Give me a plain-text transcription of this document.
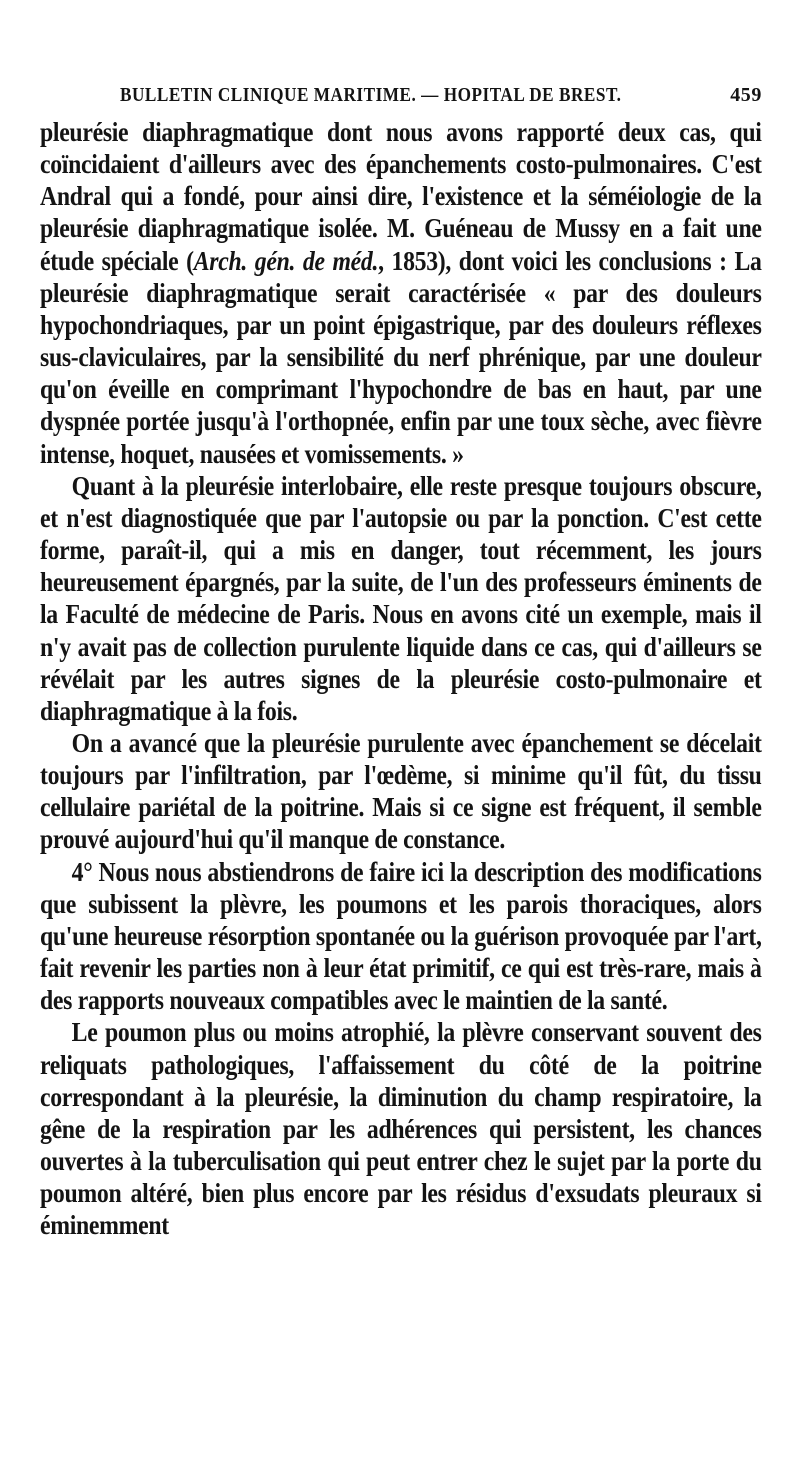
BULLETIN CLINIQUE MARITIME. — HOPITAL DE BREST.	459

pleurésie diaphragmatique dont nous avons rapporté deux cas, qui coïncidaient d'ailleurs avec des épanchements costo-pulmonaires. C'est Andral qui a fondé, pour ainsi dire, l'existence et la séméiologie de la pleurésie diaphragmatique isolée. M. Guéneau de Mussy en a fait une étude spéciale (Arch. gén. de méd., 1853), dont voici les conclusions : La pleurésie diaphragmatique serait caractérisée « par des douleurs hypochondriaques, par un point épigastrique, par des douleurs réflexes sus-claviculaires, par la sensibilité du nerf phrénique, par une douleur qu'on éveille en comprimant l'hypochondre de bas en haut, par une dyspnée portée jusqu'à l'orthopnée, enfin par une toux sèche, avec fièvre intense, hoquet, nausées et vomissements. »

Quant à la pleurésie interlobaire, elle reste presque toujours obscure, et n'est diagnostiquée que par l'autopsie ou par la ponction. C'est cette forme, paraît-il, qui a mis en danger, tout récemment, les jours heureusement épargnés, par la suite, de l'un des professeurs éminents de la Faculté de médecine de Paris. Nous en avons cité un exemple, mais il n'y avait pas de collection purulente liquide dans ce cas, qui d'ailleurs se révélait par les autres signes de la pleurésie costo-pulmonaire et diaphragmatique à la fois.

On a avancé que la pleurésie purulente avec épanchement se décelait toujours par l'infiltration, par l'œdème, si minime qu'il fût, du tissu cellulaire pariétal de la poitrine. Mais si ce signe est fréquent, il semble prouvé aujourd'hui qu'il manque de constance.

4° Nous nous abstiendrons de faire ici la description des modifications que subissent la plèvre, les poumons et les parois thoraciques, alors qu'une heureuse résorption spontanée ou la guérison provoquée par l'art, fait revenir les parties non à leur état primitif, ce qui est très-rare, mais à des rapports nouveaux compatibles avec le maintien de la santé.

Le poumon plus ou moins atrophié, la plèvre conservant souvent des reliquats pathologiques, l'affaissement du côté de la poitrine correspondant à la pleurésie, la diminution du champ respiratoire, la gêne de la respiration par les adhérences qui persistent, les chances ouvertes à la tuberculisation qui peut entrer chez le sujet par la porte du poumon altéré, bien plus encore par les résidus d'exsudats pleuraux si éminemment
